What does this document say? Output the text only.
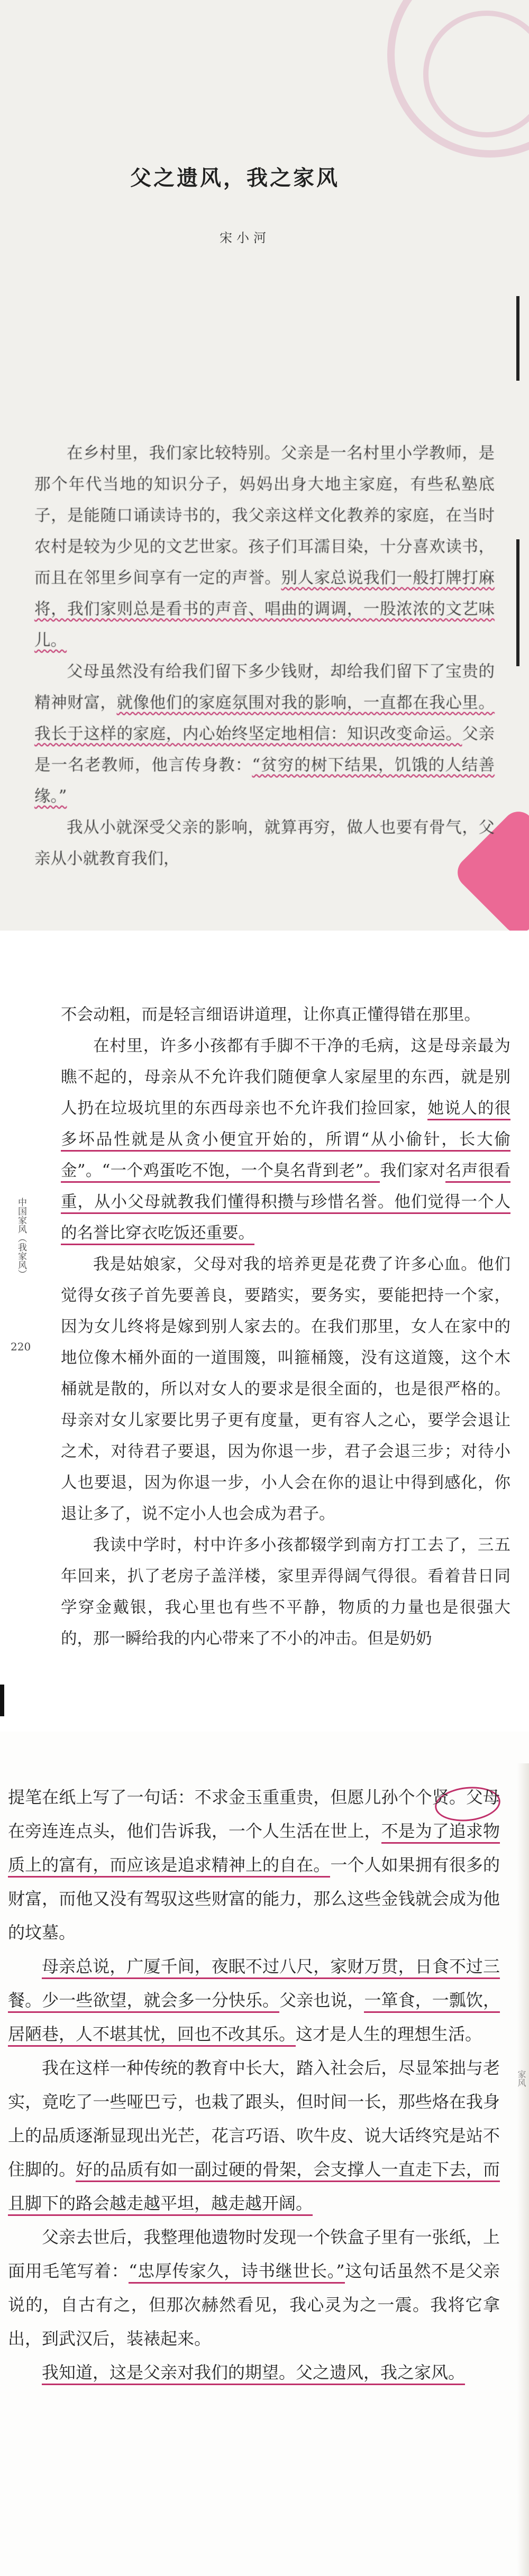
父之遗风，我之家风
宋小河

在乡村里，我们家比较特别。父亲是一名村里小学教师，是那个年代当地的知识分子，妈妈出身大地主家庭，有些私塾底子，是能随口诵读诗书的，我父亲这样文化教养的家庭，在当时农村是较为少见的文艺世家。孩子们耳濡目染，十分喜欢读书，而且在邻里乡间享有一定的声誉。别人家总说我们一般打牌打麻将，我们家则总是看书的声音、唱曲的调调，一股浓浓的文艺味儿。

父母虽然没有给我们留下多少钱财，却给我们留下了宝贵的精神财富，就像他们的家庭氛围对我的影响，一直都在我心里。我长于这样的家庭，内心始终坚定地相信：知识改变命运。父亲是一名老教师，他言传身教：“贫穷的树下结果，饥饿的人结善缘。”

我从小就深受父亲的影响，就算再穷，做人也要有骨气，父亲从小就教育我们，

中国家风（我家风）
220

不会动粗，而是轻言细语讲道理，让你真正懂得错在那里。

在村里，许多小孩都有手脚不干净的毛病，这是母亲最为瞧不起的，母亲从不允许我们随便拿人家屋里的东西，就是别人扔在垃圾坑里的东西母亲也不允许我们捡回家，她说人的很多坏品性就是从贪小便宜开始的，所谓“从小偷针，长大偷金”。“一个鸡蛋吃不饱，一个臭名背到老”。我们家对名声很看重，从小父母就教我们懂得积攒与珍惜名誉。他们觉得一个人的名誉比穿衣吃饭还重要。

我是姑娘家，父母对我的培养更是花费了许多心血。他们觉得女孩子首先要善良，要踏实，要务实，要能把持一个家，因为女儿终将是嫁到别人家去的。在我们那里，女人在家中的地位像木桶外面的一道围篾，叫箍桶篾，没有这道篾，这个木桶就是散的，所以对女人的要求是很全面的，也是很严格的。母亲对女儿家要比男子更有度量，更有容人之心，要学会退让之术，对待君子要退，因为你退一步，君子会退三步；对待小人也要退，因为你退一步，小人会在你的退让中得到感化，你退让多了，说不定小人也会成为君子。

我读中学时，村中许多小孩都辍学到南方打工去了，三五年回来，扒了老房子盖洋楼，家里弄得阔气得很。看着昔日同学穿金戴银，我心里也有些不平静，物质的力量也是很强大的，那一瞬给我的内心带来了不小的冲击。但是奶奶

家风

提笔在纸上写了一句话：不求金玉重重贵，但愿儿孙个个贤。父母在旁连连点头，他们告诉我，一个人生活在世上，不是为了追求物质上的富有，而应该是追求精神上的自在。一个人如果拥有很多的财富，而他又没有驾驭这些财富的能力，那么这些金钱就会成为他的坟墓。

母亲总说，广厦千间，夜眠不过八尺，家财万贯，日食不过三餐。少一些欲望，就会多一分快乐。父亲也说，一箪食，一瓢饮，居陋巷，人不堪其忧，回也不改其乐。这才是人生的理想生活。

我在这样一种传统的教育中长大，踏入社会后，尽显笨拙与老实，竟吃了一些哑巴亏，也栽了跟头，但时间一长，那些烙在我身上的品质逐渐显现出光芒，花言巧语、吹牛皮、说大话终究是站不住脚的。好的品质有如一副过硬的骨架，会支撑人一直走下去，而且脚下的路会越走越平坦，越走越开阔。

父亲去世后，我整理他遗物时发现一个铁盒子里有一张纸，上面用毛笔写着：“忠厚传家久，诗书继世长。”这句话虽然不是父亲说的，自古有之，但那次赫然看见，我心灵为之一震。我将它拿出，到武汉后，装裱起来。

我知道，这是父亲对我们的期望。父之遗风，我之家风。
